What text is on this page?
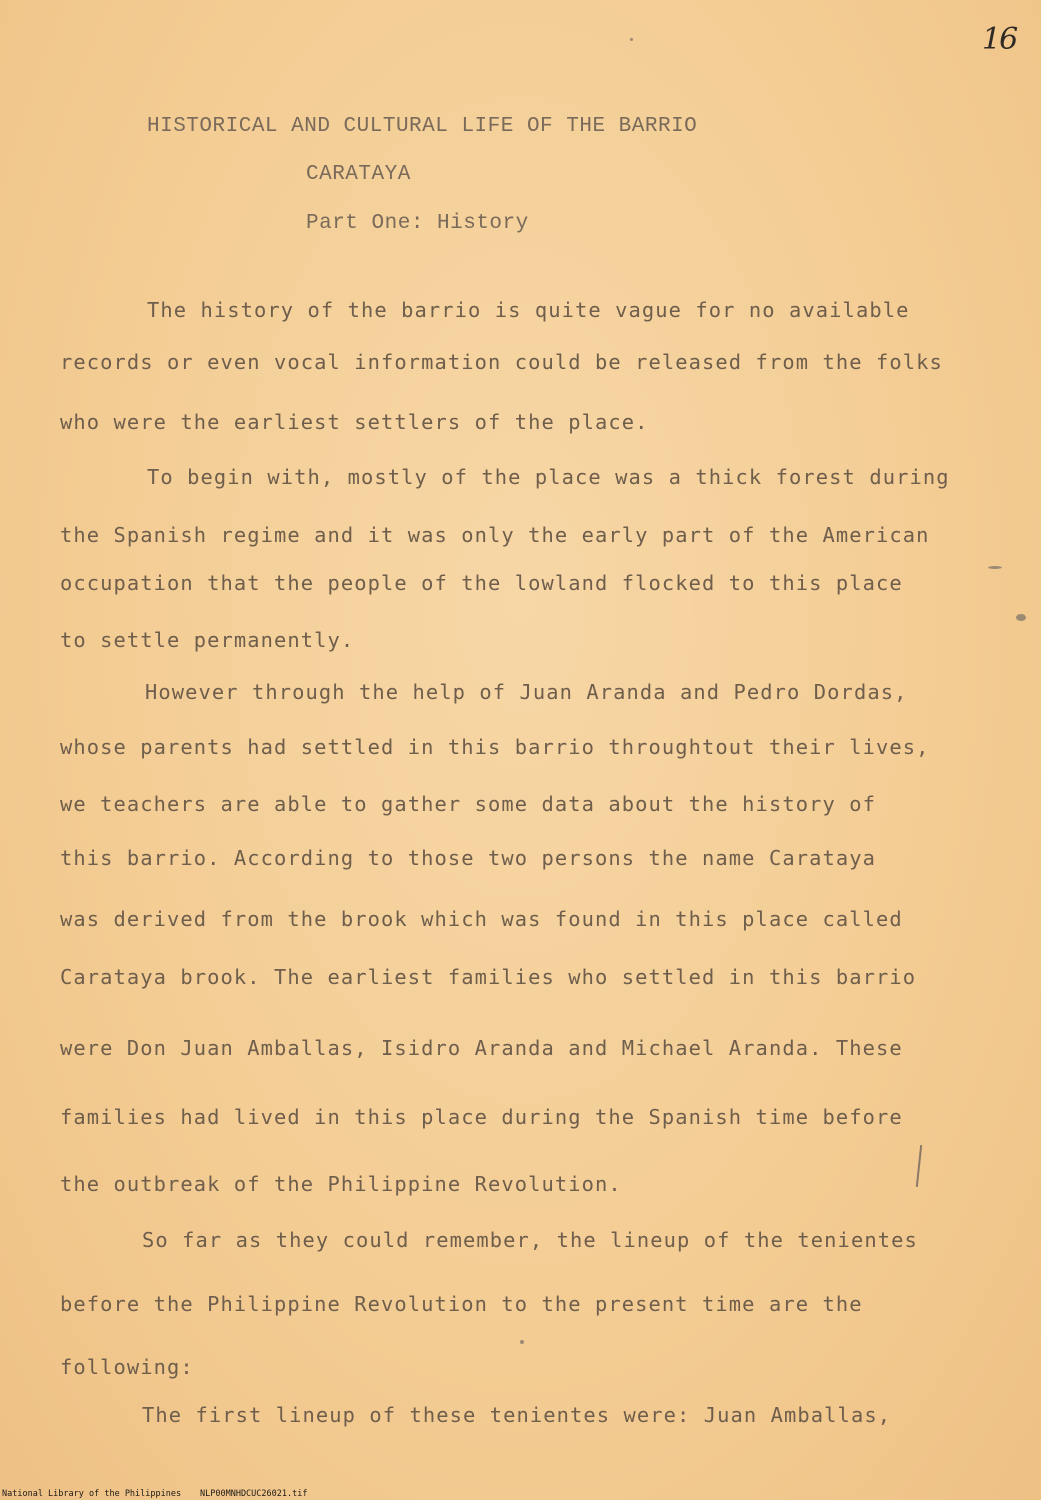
16
HISTORICAL AND CULTURAL LIFE OF THE BARRIO
CARATAYA
Part One: History
The history of the barrio is quite vague for no available
records or even vocal information could be released from the folks
who were the earliest settlers of the place.
To begin with, mostly of the place was a thick forest during
the Spanish regime and it was only the early part of the American
occupation that the people of the lowland flocked to this place
to settle permanently.
However through the help of Juan Aranda and Pedro Dordas,
whose parents had settled in this barrio throughtout their lives,
we teachers are able to gather some data about the history of
this barrio. According to those two persons the name Carataya
was derived from the brook which was found in this place called
Carataya brook. The earliest families who settled in this barrio
were Don Juan Amballas, Isidro Aranda and Michael Aranda. These
families had lived in this place during the Spanish time before
the outbreak of the Philippine Revolution.
So far as they could remember, the lineup of the tenientes
before the Philippine Revolution to the present time are the
following:
The first lineup of these tenientes were: Juan Amballas,
National Library of the Philippines NLP00MNHDCUC26021.tif
